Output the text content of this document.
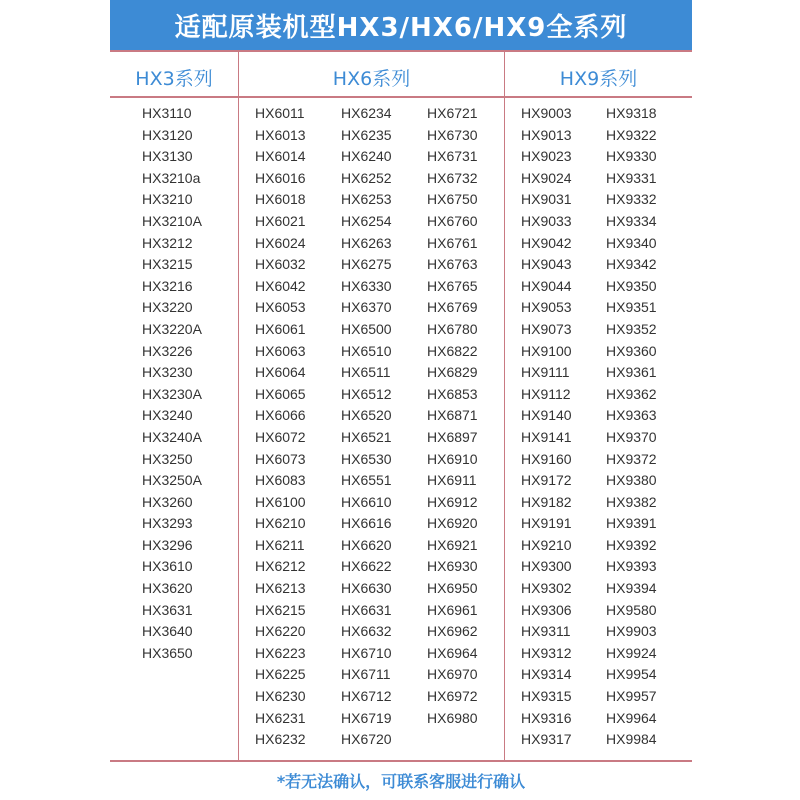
适配原装机型HX3/HX6/HX9全系列
HX3系列	HX6系列	HX9系列
HX3110
HX3120
HX3130
HX3210a
HX3210
HX3210A
HX3212
HX3215
HX3216
HX3220
HX3220A
HX3226
HX3230
HX3230A
HX3240
HX3240A
HX3250
HX3250A
HX3260
HX3293
HX3296
HX3610
HX3620
HX3631
HX3640
HX3650
HX6011
HX6013
HX6014
HX6016
HX6018
HX6021
HX6024
HX6032
HX6042
HX6053
HX6061
HX6063
HX6064
HX6065
HX6066
HX6072
HX6073
HX6083
HX6100
HX6210
HX6211
HX6212
HX6213
HX6215
HX6220
HX6223
HX6225
HX6230
HX6231
HX6232
HX6234
HX6235
HX6240
HX6252
HX6253
HX6254
HX6263
HX6275
HX6330
HX6370
HX6500
HX6510
HX6511
HX6512
HX6520
HX6521
HX6530
HX6551
HX6610
HX6616
HX6620
HX6622
HX6630
HX6631
HX6632
HX6710
HX6711
HX6712
HX6719
HX6720
HX6721
HX6730
HX6731
HX6732
HX6750
HX6760
HX6761
HX6763
HX6765
HX6769
HX6780
HX6822
HX6829
HX6853
HX6871
HX6897
HX6910
HX6911
HX6912
HX6920
HX6921
HX6930
HX6950
HX6961
HX6962
HX6964
HX6970
HX6972
HX6980
HX9003
HX9013
HX9023
HX9024
HX9031
HX9033
HX9042
HX9043
HX9044
HX9053
HX9073
HX9100
HX9111
HX9112
HX9140
HX9141
HX9160
HX9172
HX9182
HX9191
HX9210
HX9300
HX9302
HX9306
HX9311
HX9312
HX9314
HX9315
HX9316
HX9317
HX9318
HX9322
HX9330
HX9331
HX9332
HX9334
HX9340
HX9342
HX9350
HX9351
HX9352
HX9360
HX9361
HX9362
HX9363
HX9370
HX9372
HX9380
HX9382
HX9391
HX9392
HX9393
HX9394
HX9580
HX9903
HX9924
HX9954
HX9957
HX9964
HX9984
*若无法确认，可联系客服进行确认
